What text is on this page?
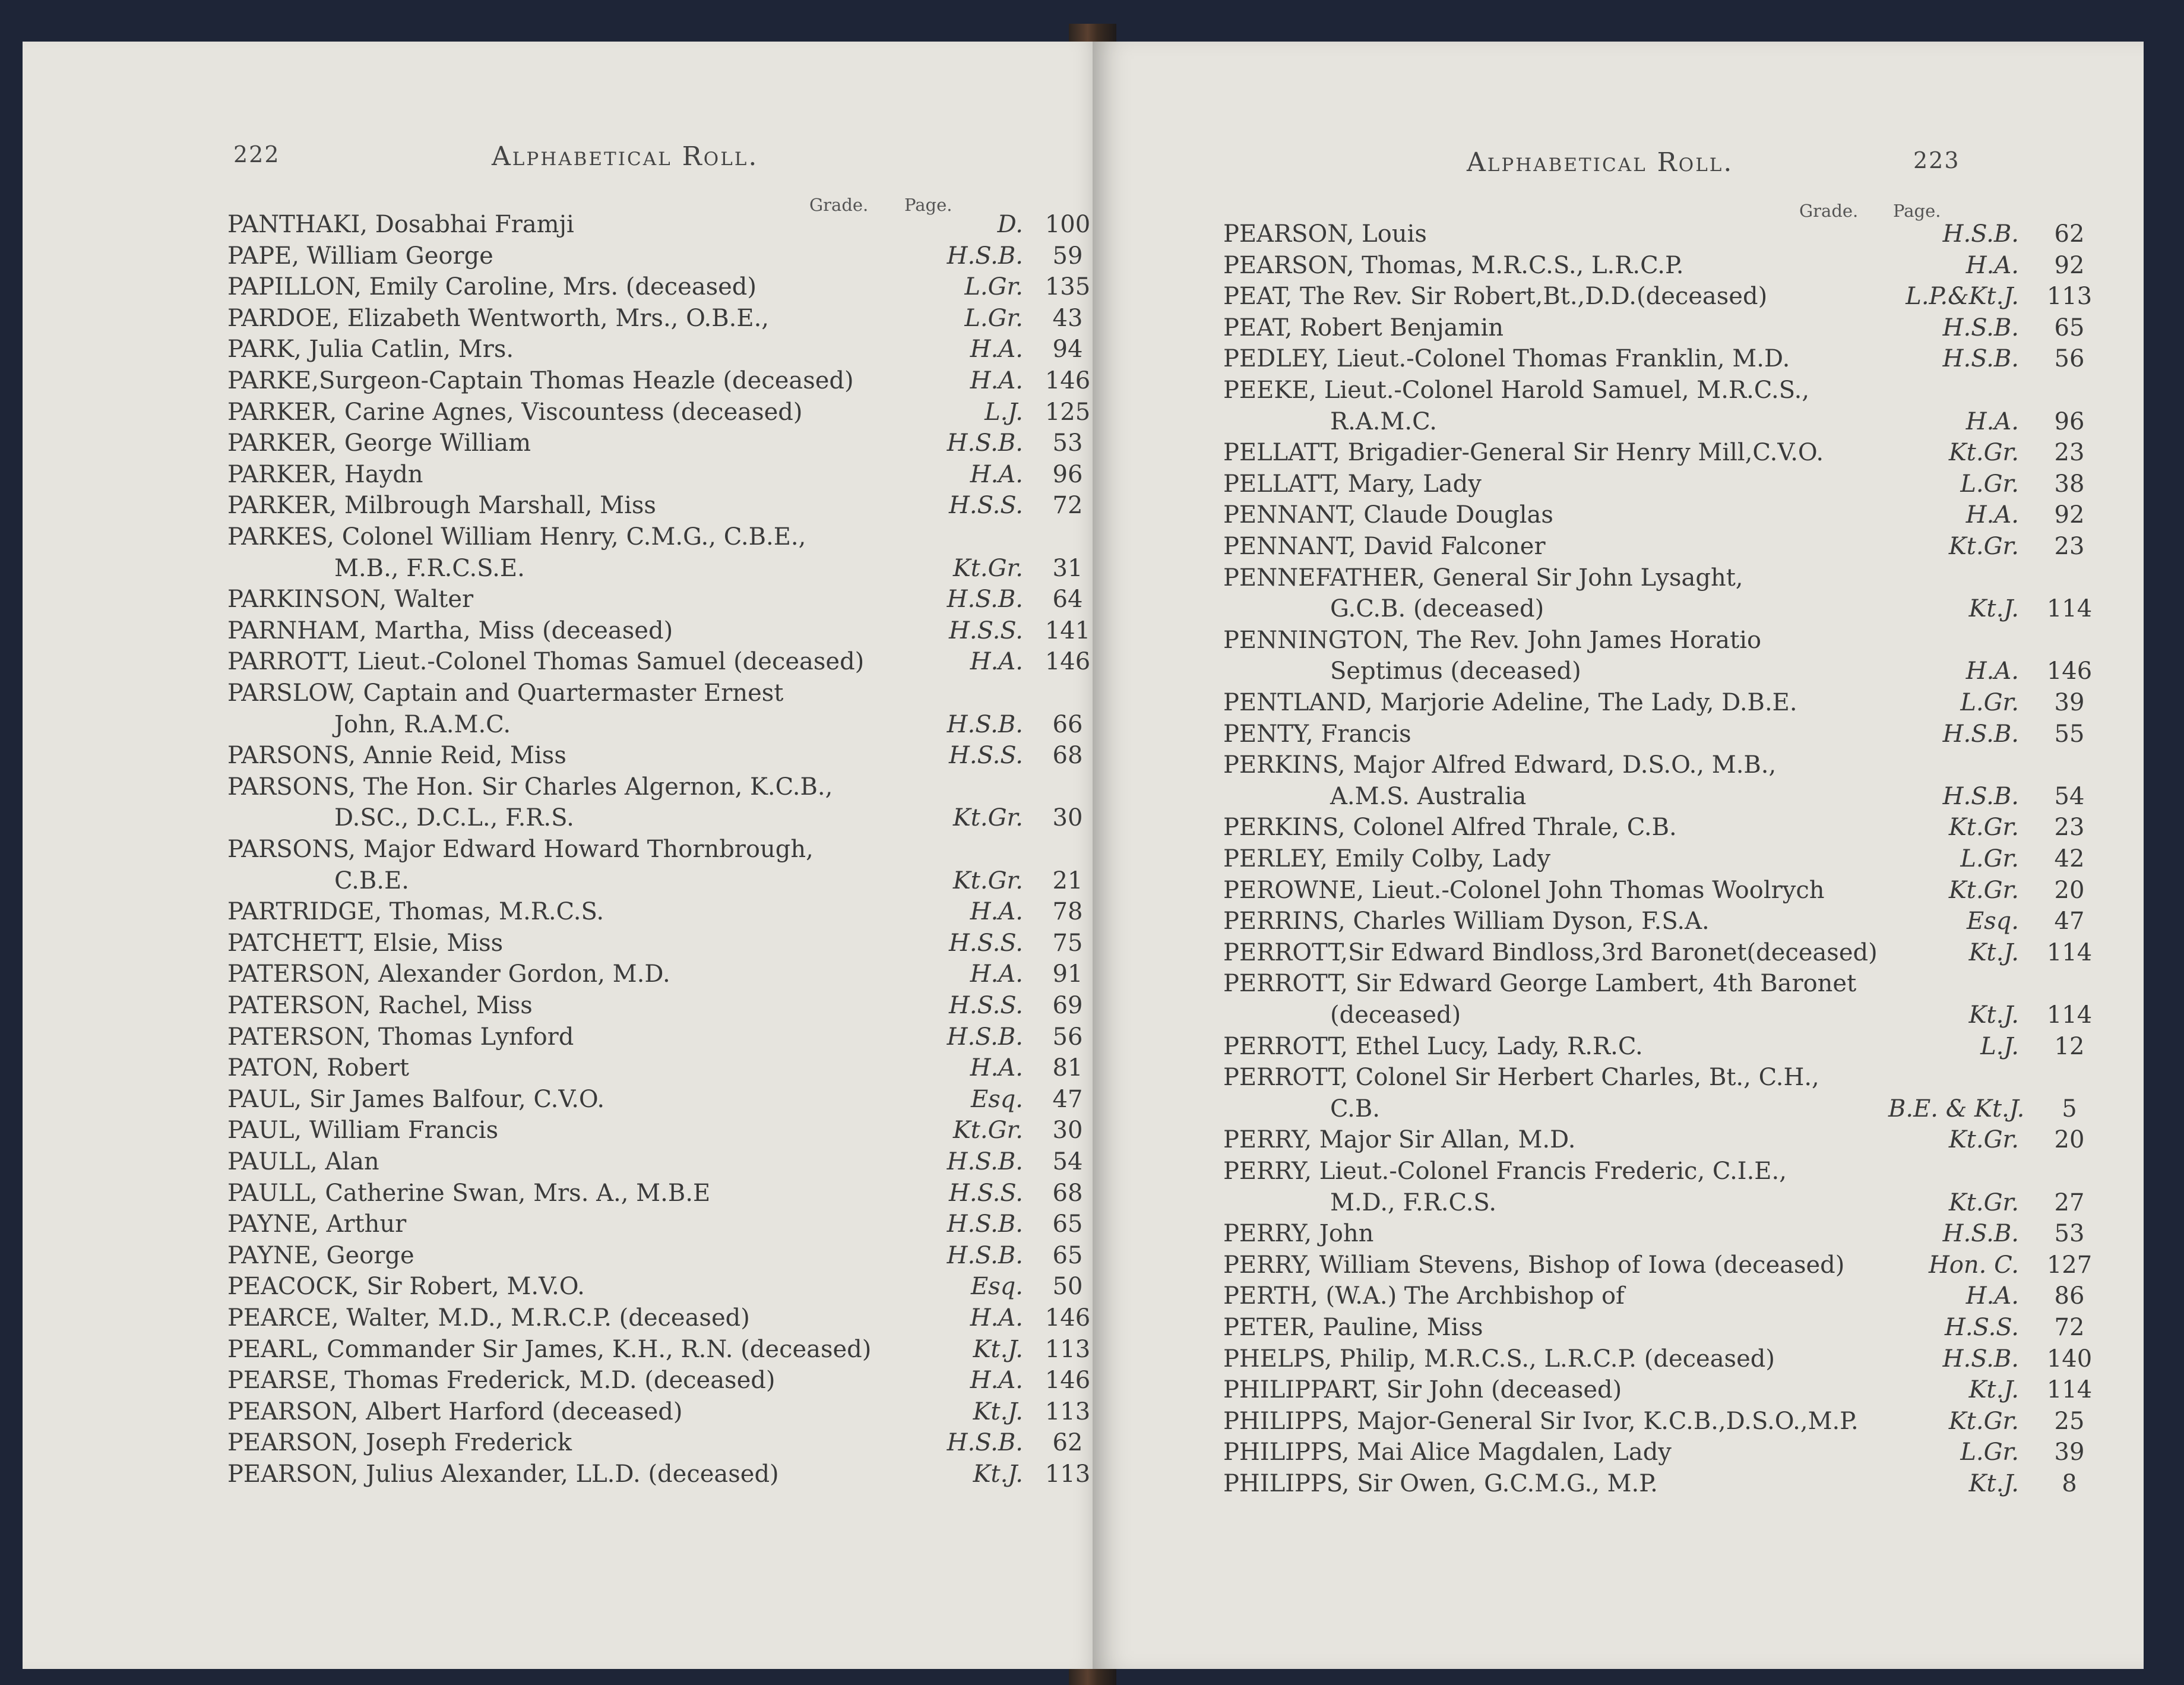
222	Alphabetical Roll.
Grade. Page.
PANTHAKI, Dosabhai Framji	D. 100
PAPE, William George	H.S.B.	59
PAPILLON, Emily Caroline, Mrs. (deceased)	L.Gr. 135
PARDOE, Elizabeth Wentworth, Mrs., O.B.E.,	L.Gr.	43
PARK, Julia Catlin, Mrs.	H.A.	94
PARKE,Surgeon-Captain Thomas Heazle (deceased)	H.A. 146
PARKER, Carine Agnes, Viscountess (deceased)	L.J. 125
PARKER, George William	H.S.B.	53
PARKER, Haydn	H.A.	96
PARKER, Milbrough Marshall, Miss	H.S.S.	72
PARKES, Colonel William Henry, C.M.G., C.B.E.,
M.B., F.R.C.S.E.	Kt.Gr.	31
PARKINSON, Walter	H.S.B.	64
PARNHAM, Martha, Miss (deceased)	H.S.S. 141
PARROTT, Lieut.-Colonel Thomas Samuel (deceased)	H.A. 146
PARSLOW, Captain and Quartermaster Ernest
John, R.A.M.C.	H.S.B.	66
PARSONS, Annie Reid, Miss	H.S.S.	68
PARSONS, The Hon. Sir Charles Algernon, K.C.B.,
D.SC., D.C.L., F.R.S.	Kt.Gr.	30
PARSONS, Major Edward Howard Thornbrough,
C.B.E.	Kt.Gr.	21
PARTRIDGE, Thomas, M.R.C.S.	H.A.	78
PATCHETT, Elsie, Miss	H.S.S.	75
PATERSON, Alexander Gordon, M.D.	H.A.	91
PATERSON, Rachel, Miss	H.S.S.	69
PATERSON, Thomas Lynford	H.S.B.	56
PATON, Robert	H.A.	81
PAUL, Sir James Balfour, C.V.O.	Esq.	47
PAUL, William Francis	Kt.Gr.	30
PAULL, Alan	H.S.B.	54
PAULL, Catherine Swan, Mrs. A., M.B.E	H.S.S.	68
PAYNE, Arthur	H.S.B.	65
PAYNE, George	H.S.B.	65
PEACOCK, Sir Robert, M.V.O.	Esq.	50
PEARCE, Walter, M.D., M.R.C.P. (deceased)	H.A. 146
PEARL, Commander Sir James, K.H., R.N. (deceased)	Kt.J. 113
PEARSE, Thomas Frederick, M.D. (deceased)	H.A. 146
PEARSON, Albert Harford (deceased)	Kt.J. 113
PEARSON, Joseph Frederick	H.S.B.	62
PEARSON, Julius Alexander, LL.D. (deceased)	Kt.J. 113
Alphabetical Roll.	223
Grade. Page.
PEARSON, Louis	H.S.B.	62
PEARSON, Thomas, M.R.C.S., L.R.C.P.	H.A.	92
PEAT, The Rev. Sir Robert,Bt.,D.D.(deceased)	L.P.&Kt.J.	113
PEAT, Robert Benjamin	H.S.B.	65
PEDLEY, Lieut.-Colonel Thomas Franklin, M.D.	H.S.B.	56
PEEKE, Lieut.-Colonel Harold Samuel, M.R.C.S.,
R.A.M.C.	H.A.	96
PELLATT, Brigadier-General Sir Henry Mill,C.V.O.	Kt.Gr.	23
PELLATT, Mary, Lady	L.Gr.	38
PENNANT, Claude Douglas	H.A.	92
PENNANT, David Falconer	Kt.Gr.	23
PENNEFATHER, General Sir John Lysaght,
G.C.B. (deceased)	Kt.J.	114
PENNINGTON, The Rev. John James Horatio
Septimus (deceased)	H.A.	146
PENTLAND, Marjorie Adeline, The Lady, D.B.E.	L.Gr.	39
PENTY, Francis	H.S.B.	55
PERKINS, Major Alfred Edward, D.S.O., M.B.,
A.M.S. Australia	H.S.B.	54
PERKINS, Colonel Alfred Thrale, C.B.	Kt.Gr.	23
PERLEY, Emily Colby, Lady	L.Gr.	42
PEROWNE, Lieut.-Colonel John Thomas Woolrych	Kt.Gr.	20
PERRINS, Charles William Dyson, F.S.A.	Esq.	47
PERROTT,Sir Edward Bindloss,3rd Baronet(deceased)	Kt.J.	114
PERROTT, Sir Edward George Lambert, 4th Baronet
(deceased)	Kt.J.	114
PERROTT, Ethel Lucy, Lady, R.R.C.	L.J.	12
PERROTT, Colonel Sir Herbert Charles, Bt., C.H.,
C.B.	B.E. & Kt.J.	5
PERRY, Major Sir Allan, M.D.	Kt.Gr.	20
PERRY, Lieut.-Colonel Francis Frederic, C.I.E.,
M.D., F.R.C.S.	Kt.Gr.	27
PERRY, John	H.S.B.	53
PERRY, William Stevens, Bishop of Iowa (deceased)	Hon. C.	127
PERTH, (W.A.) The Archbishop of	H.A.	86
PETER, Pauline, Miss	H.S.S.	72
PHELPS, Philip, M.R.C.S., L.R.C.P. (deceased)	H.S.B.	140
PHILIPPART, Sir John (deceased)	Kt.J.	114
PHILIPPS, Major-General Sir Ivor, K.C.B.,D.S.O.,M.P.	Kt.Gr.	25
PHILIPPS, Mai Alice Magdalen, Lady	L.Gr.	39
PHILIPPS, Sir Owen, G.C.M.G., M.P.	Kt.J.	8
